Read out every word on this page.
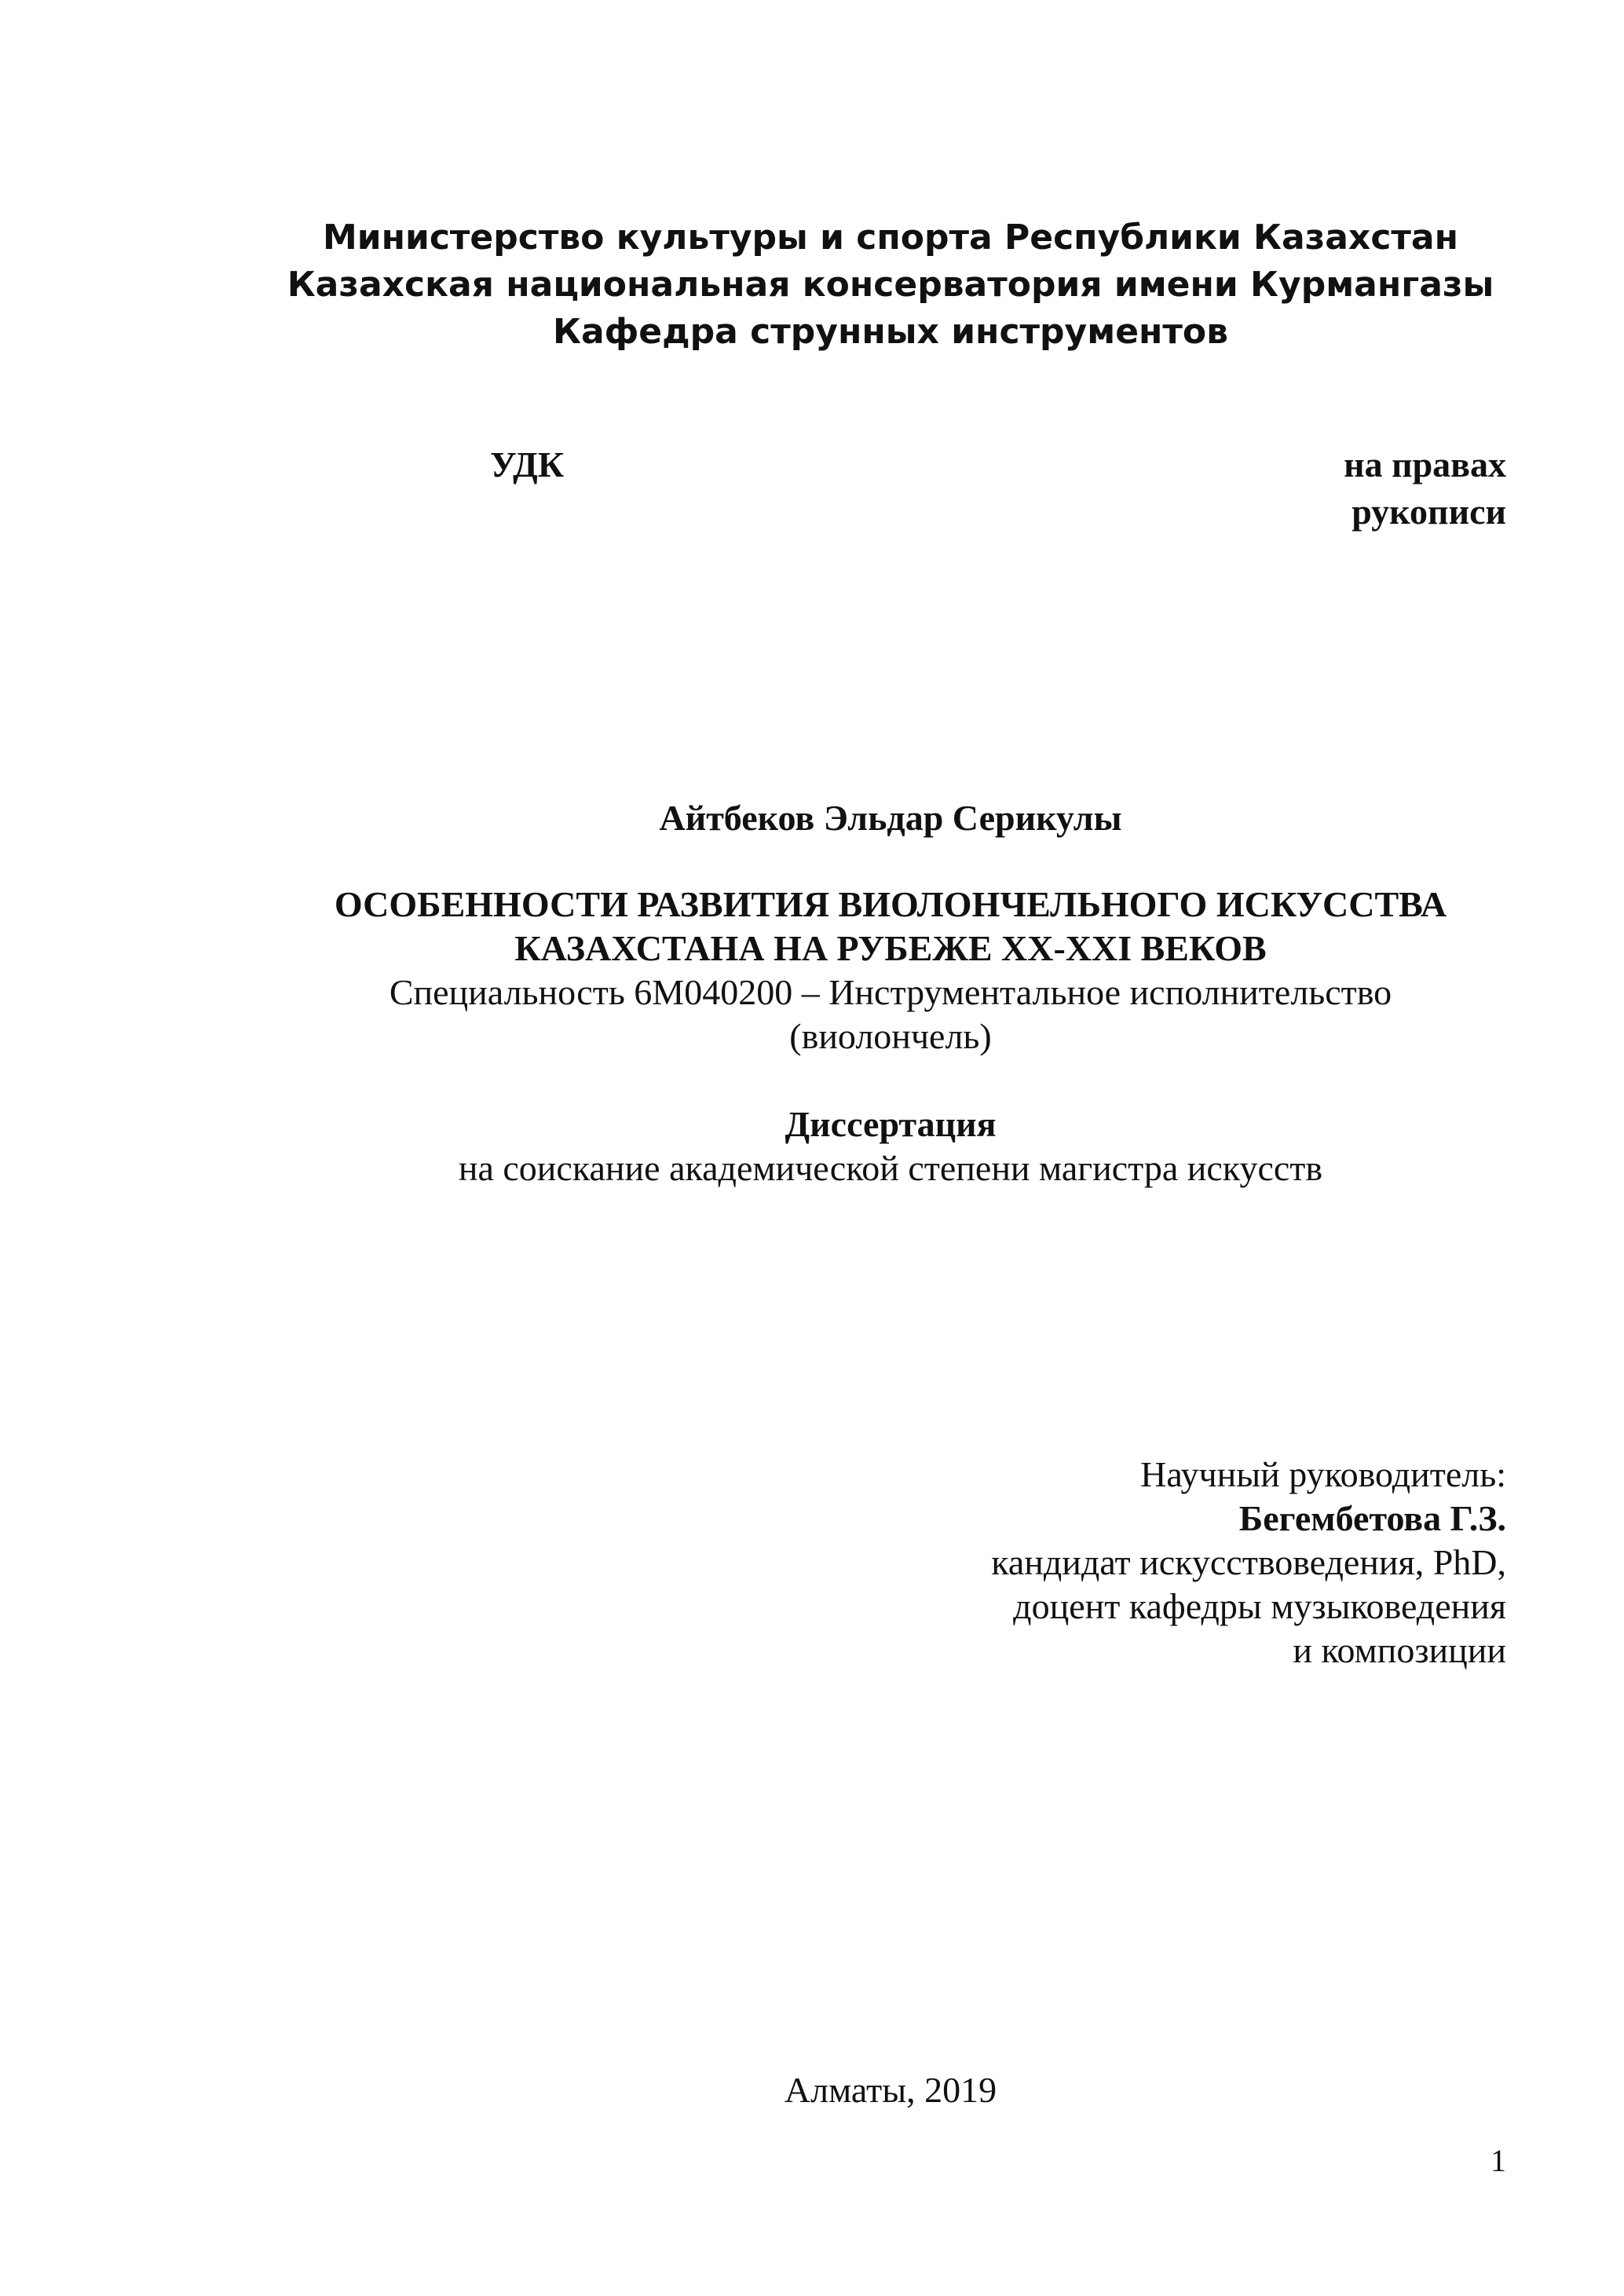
Министерство культуры и спорта Республики Казахстан
Казахская национальная консерватория имени Курмангазы
Кафедра струнных инструментов
УДК	на правах
рукописи
Айтбеков Эльдар Серикулы
ОСОБЕННОСТИ РАЗВИТИЯ ВИОЛОНЧЕЛЬНОГО ИСКУССТВА
КАЗАХСТАНА НА РУБЕЖЕ XX-XXI ВЕКОВ
Специальность 6M040200 – Инструментальное исполнительство
(виолончель)
Диссертация
на соискание академической степени магистра искусств
Научный руководитель:
Бегембетова Г.З.
кандидат искусствоведения, PhD,
доцент кафедры музыковедения
и композиции
Алматы, 2019
1
